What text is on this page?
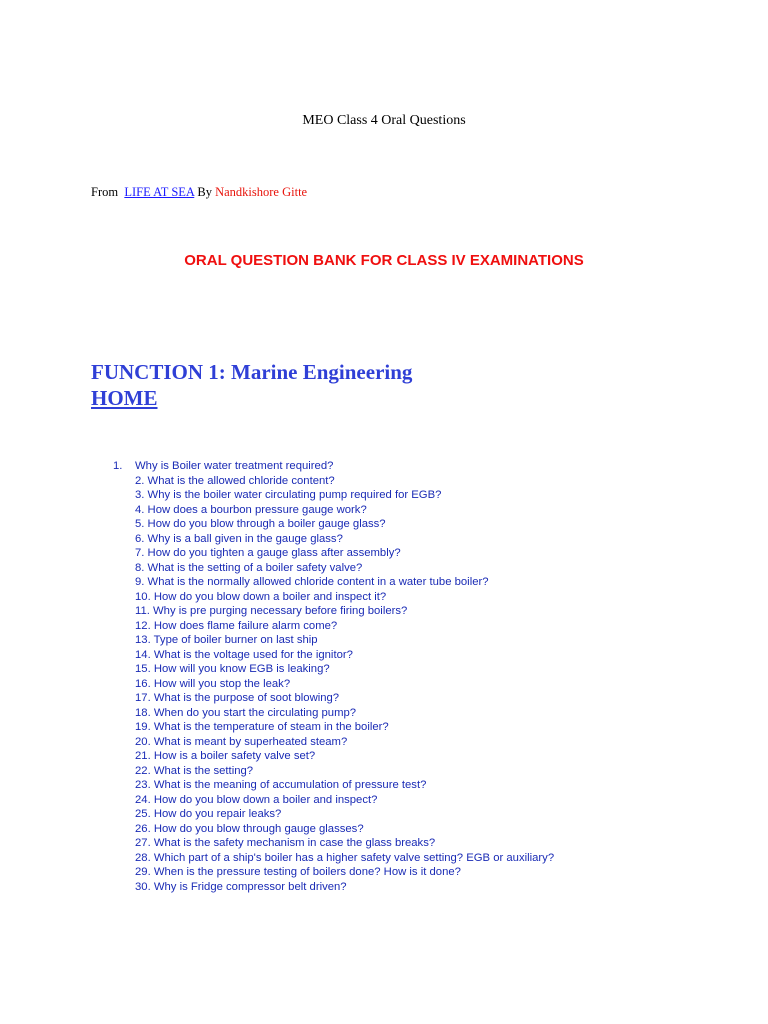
MEO Class 4 Oral Questions
From LIFE AT SEA By Nandkishore Gitte
ORAL QUESTION BANK FOR CLASS IV EXAMINATIONS
FUNCTION 1: Marine Engineering
HOME
1. Why is Boiler water treatment required?
2. What is the allowed chloride content?
3. Why is the boiler water circulating pump required for EGB?
4. How does a bourbon pressure gauge work?
5. How do you blow through a boiler gauge glass?
6. Why is a ball given in the gauge glass?
7. How do you tighten a gauge glass after assembly?
8. What is the setting of a boiler safety valve?
9. What is the normally allowed chloride content in a water tube boiler?
10. How do you blow down a boiler and inspect it?
11. Why is pre purging necessary before firing boilers?
12. How does flame failure alarm come?
13. Type of boiler burner on last ship
14. What is the voltage used for the ignitor?
15. How will you know EGB is leaking?
16. How will you stop the leak?
17. What is the purpose of soot blowing?
18. When do you start the circulating pump?
19. What is the temperature of steam in the boiler?
20. What is meant by superheated steam?
21. How is a boiler safety valve set?
22. What is the setting?
23. What is the meaning of accumulation of pressure test?
24. How do you blow down a boiler and inspect?
25. How do you repair leaks?
26. How do you blow through gauge glasses?
27. What is the safety mechanism in case the glass breaks?
28. Which part of a ship's boiler has a higher safety valve setting? EGB or auxiliary?
29. When is the pressure testing of boilers done? How is it done?
30. Why is Fridge compressor belt driven?
